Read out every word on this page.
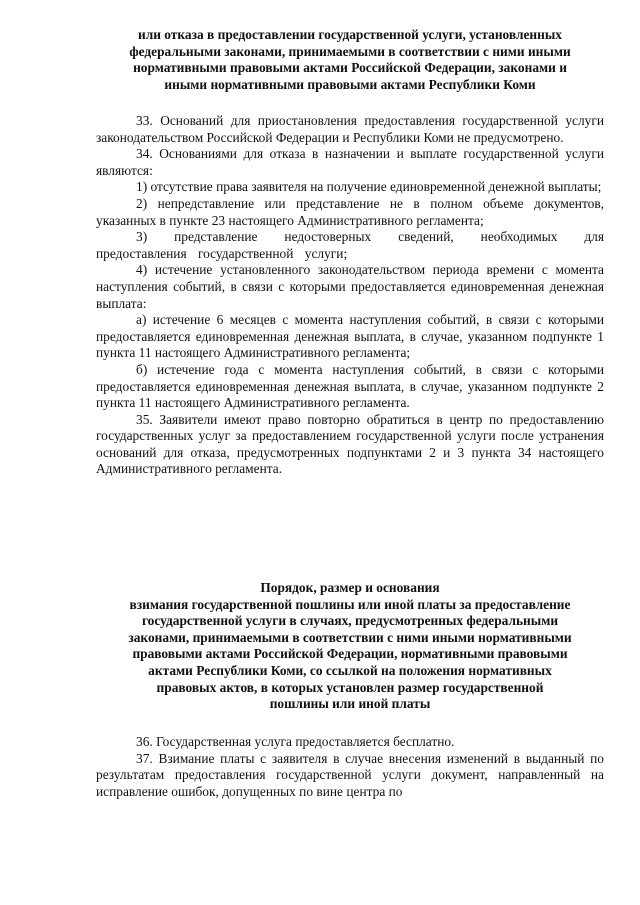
или отказа в предоставлении государственной услуги, установленных
федеральными законами, принимаемыми в соответствии с ними иными
нормативными правовыми актами Российской Федерации, законами и
иными нормативными правовыми актами Республики Коми

33. Оснований для приостановления предоставления государственной услуги законодательством Российской Федерации и Республики Коми не предусмотрено.

34. Основаниями для отказа в назначении и выплате государственной услуги являются:

1) отсутствие права заявителя на получение единовременной денежной выплаты;

2) непредставление или представление не в полном объеме документов, указанных в пункте 23 настоящего Административного регламента;

3) представление недостоверных сведений, необходимых для предоставления государственной услуги;

4) истечение установленного законодательством периода времени с момента наступления событий, в связи с которыми предоставляется единовременная денежная выплата:

а) истечение 6 месяцев с момента наступления событий, в связи с которыми предоставляется единовременная денежная выплата, в случае, указанном подпункте 1 пункта 11 настоящего Административного регламента;

б) истечение года с момента наступления событий, в связи с которыми предоставляется единовременная денежная выплата, в случае, указанном подпункте 2 пункта 11 настоящего Административного регламента.

35. Заявители имеют право повторно обратиться в центр по предоставлению государственных услуг за предоставлением государственной услуги после устранения оснований для отказа, предусмотренных подпунктами 2 и 3 пункта 34 настоящего Административного регламента.

Порядок, размер и основания
взимания государственной пошлины или иной платы за предоставление
государственной услуги в случаях, предусмотренных федеральными
законами, принимаемыми в соответствии с ними иными нормативными
правовыми актами Российской Федерации, нормативными правовыми
актами Республики Коми, со ссылкой на положения нормативных
правовых актов, в которых установлен размер государственной
пошлины или иной платы

36. Государственная услуга предоставляется бесплатно.

37. Взимание платы с заявителя в случае внесения изменений в выданный по результатам предоставления государственной услуги документ, направленный на исправление ошибок, допущенных по вине центра по
